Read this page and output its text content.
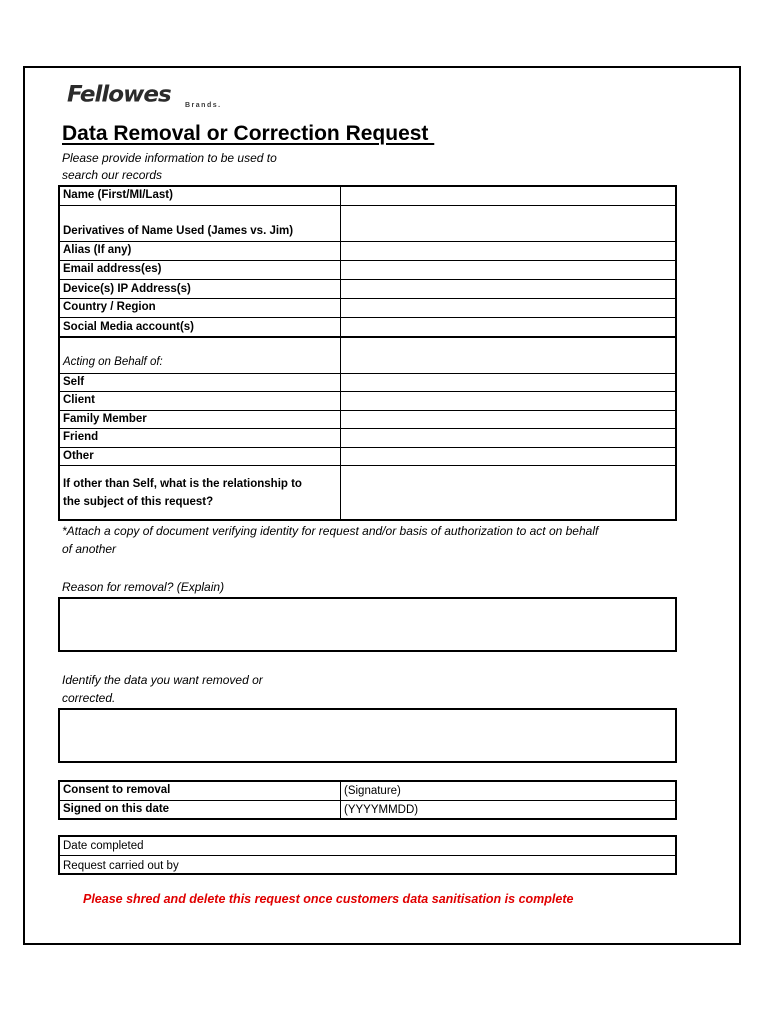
Fellowes Brands.
Data Removal or Correction Request
Please provide information to be used to
search our records
Name (First/MI/Last)
Derivatives of Name Used (James vs. Jim)
Alias (If any)
Email address(es)
Device(s) IP Address(s)
Country / Region
Social Media account(s)
Acting on Behalf of:
Self
Client
Family Member
Friend
Other
If other than Self, what is the relationship to
the subject of this request?
*Attach a copy of document verifying identity for request and/or basis of authorization to act on behalf
of another
Reason for removal? (Explain)
Identify the data you want removed or
corrected.
Consent to removal	(Signature)
Signed on this date	(YYYYMMDD)
Date completed
Request carried out by
Please shred and delete this request once customers data sanitisation is complete
